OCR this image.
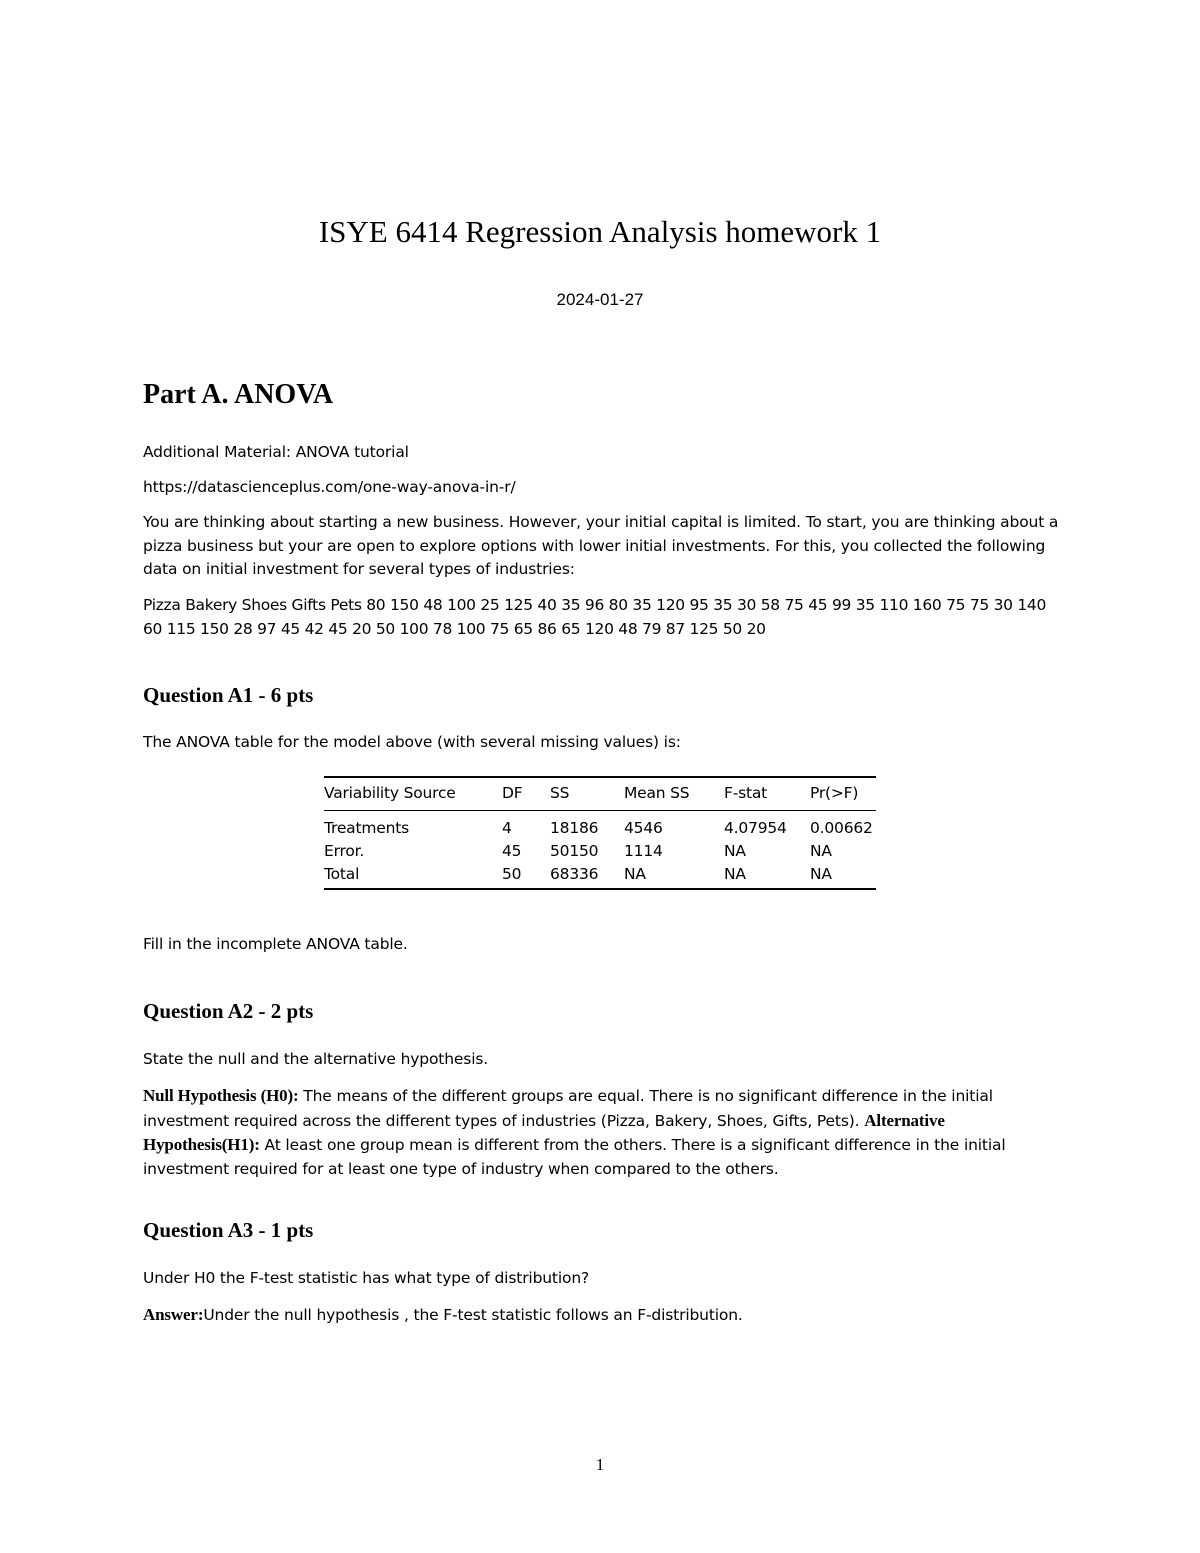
ISYE 6414 Regression Analysis homework 1
2024-01-27
Part A. ANOVA

Additional Material: ANOVA tutorial

https://datascienceplus.com/one-way-anova-in-r/

You are thinking about starting a new business. However, your initial capital is limited. To start, you are thinking about a pizza business but your are open to explore options with lower initial investments. For this, you collected the following data on initial investment for several types of industries:

Pizza Bakery Shoes Gifts Pets 80 150 48 100 25 125 40 35 96 80 35 120 95 35 30 58 75 45 99 35 110 160 75 75 30 140 60 115 150 28 97 45 42 45 20 50 100 78 100 75 65 86 65 120 48 79 87 125 50 20

Question A1 - 6 pts

The ANOVA table for the model above (with several missing values) is:

Variability Source	DF	SS	Mean SS	F-stat	Pr(>F)
Treatments	4	18186	4546	4.07954	0.00662
Error.	45	50150	1114	NA	NA
Total	50	68336	NA	NA	NA

Fill in the incomplete ANOVA table.

Question A2 - 2 pts

State the null and the alternative hypothesis.

Null Hypothesis (H0): The means of the different groups are equal. There is no significant difference in the initial investment required across the different types of industries (Pizza, Bakery, Shoes, Gifts, Pets). Alternative Hypothesis(H1): At least one group mean is different from the others. There is a significant difference in the initial investment required for at least one type of industry when compared to the others.

Question A3 - 1 pts

Under H0 the F-test statistic has what type of distribution?

Answer:Under the null hypothesis , the F-test statistic follows an F-distribution.

1
